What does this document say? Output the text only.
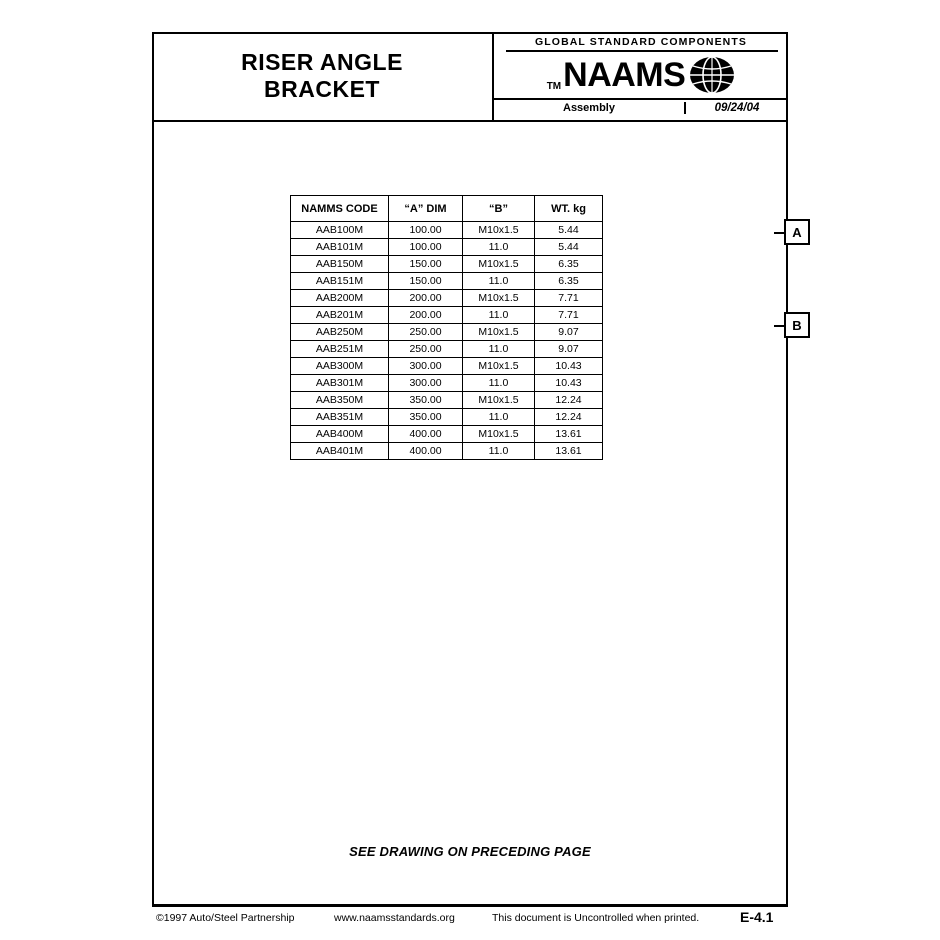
RISER ANGLE
BRACKET
GLOBAL STANDARD COMPONENTS
TM NAAMS
Assembly	09/24/04
NAMMS CODE	“A” DIM	“B”	WT. kg
AAB100M	100.00	M10x1.5	5.44
AAB101M	100.00	11.0	5.44
AAB150M	150.00	M10x1.5	6.35
AAB151M	150.00	11.0	6.35
AAB200M	200.00	M10x1.5	7.71
AAB201M	200.00	11.0	7.71
AAB250M	250.00	M10x1.5	9.07
AAB251M	250.00	11.0	9.07
AAB300M	300.00	M10x1.5	10.43
AAB301M	300.00	11.0	10.43
AAB350M	350.00	M10x1.5	12.24
AAB351M	350.00	11.0	12.24
AAB400M	400.00	M10x1.5	13.61
AAB401M	400.00	11.0	13.61
SEE DRAWING ON PRECEDING PAGE
A
B
©1997 Auto/Steel Partnership	www.naamsstandards.org	This document is Uncontrolled when printed.	E-4.1
